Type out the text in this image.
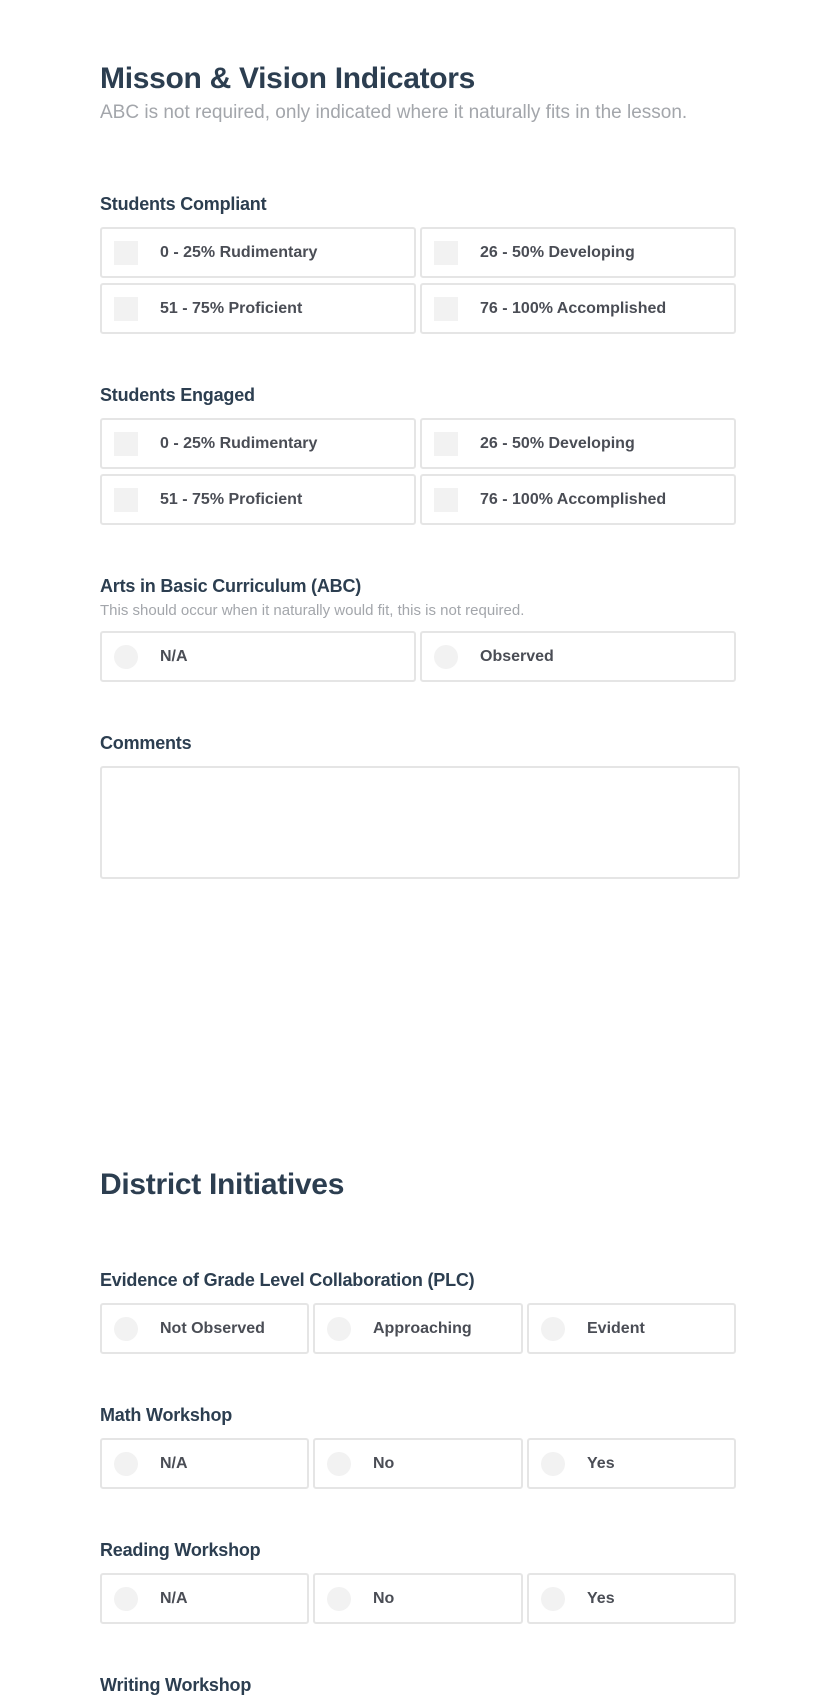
Misson & Vision Indicators
ABC is not required, only indicated where it naturally fits in the lesson.
Students Compliant
0 - 25% Rudimentary	26 - 50% Developing
51 - 75% Proficient	76 - 100% Accomplished
Students Engaged
0 - 25% Rudimentary	26 - 50% Developing
51 - 75% Proficient	76 - 100% Accomplished
Arts in Basic Curriculum (ABC)
This should occur when it naturally would fit, this is not required.
N/A	Observed
Comments
District Initiatives
Evidence of Grade Level Collaboration (PLC)
Not Observed	Approaching	Evident
Math Workshop
N/A	No	Yes
Reading Workshop
N/A	No	Yes
Writing Workshop
